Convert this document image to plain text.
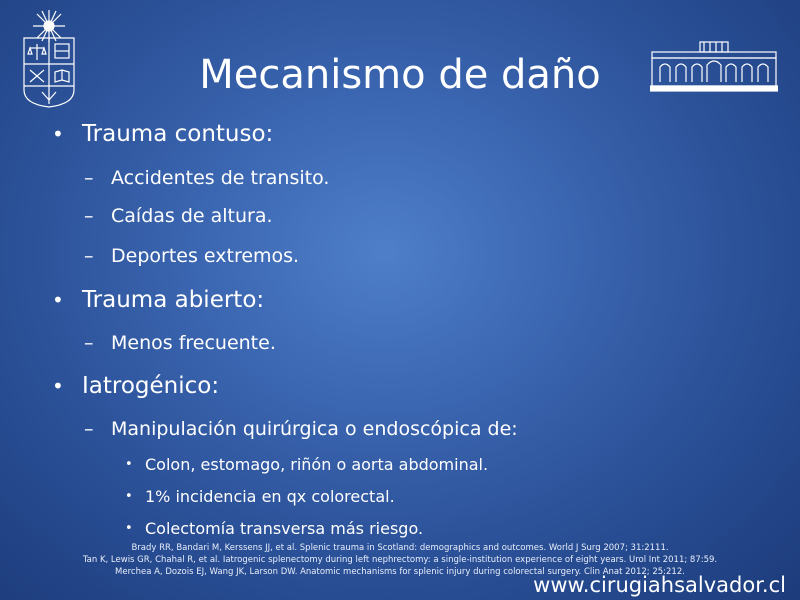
Mecanismo de daño
• Trauma contuso:
– Accidentes de transito.
– Caídas de altura.
– Deportes extremos.
• Trauma abierto:
– Menos frecuente.
• Iatrogénico:
– Manipulación quirúrgica o endoscópica de:
• Colon, estomago, riñón o aorta abdominal.
• 1% incidencia en qx colorectal.
• Colectomía transversa más riesgo.
Brady RR, Bandari M, Kerssens JJ, et al. Splenic trauma in Scotland: demographics and outcomes. World J Surg 2007; 31:2111.
Tan K, Lewis GR, Chahal R, et al. Iatrogenic splenectomy during left nephrectomy: a single-institution experience of eight years. Urol Int 2011; 87:59.
Merchea A, Dozois EJ, Wang JK, Larson DW. Anatomic mechanisms for splenic injury during colorectal surgery. Clin Anat 2012; 25:212.
www.cirugiahsalvador.cl
